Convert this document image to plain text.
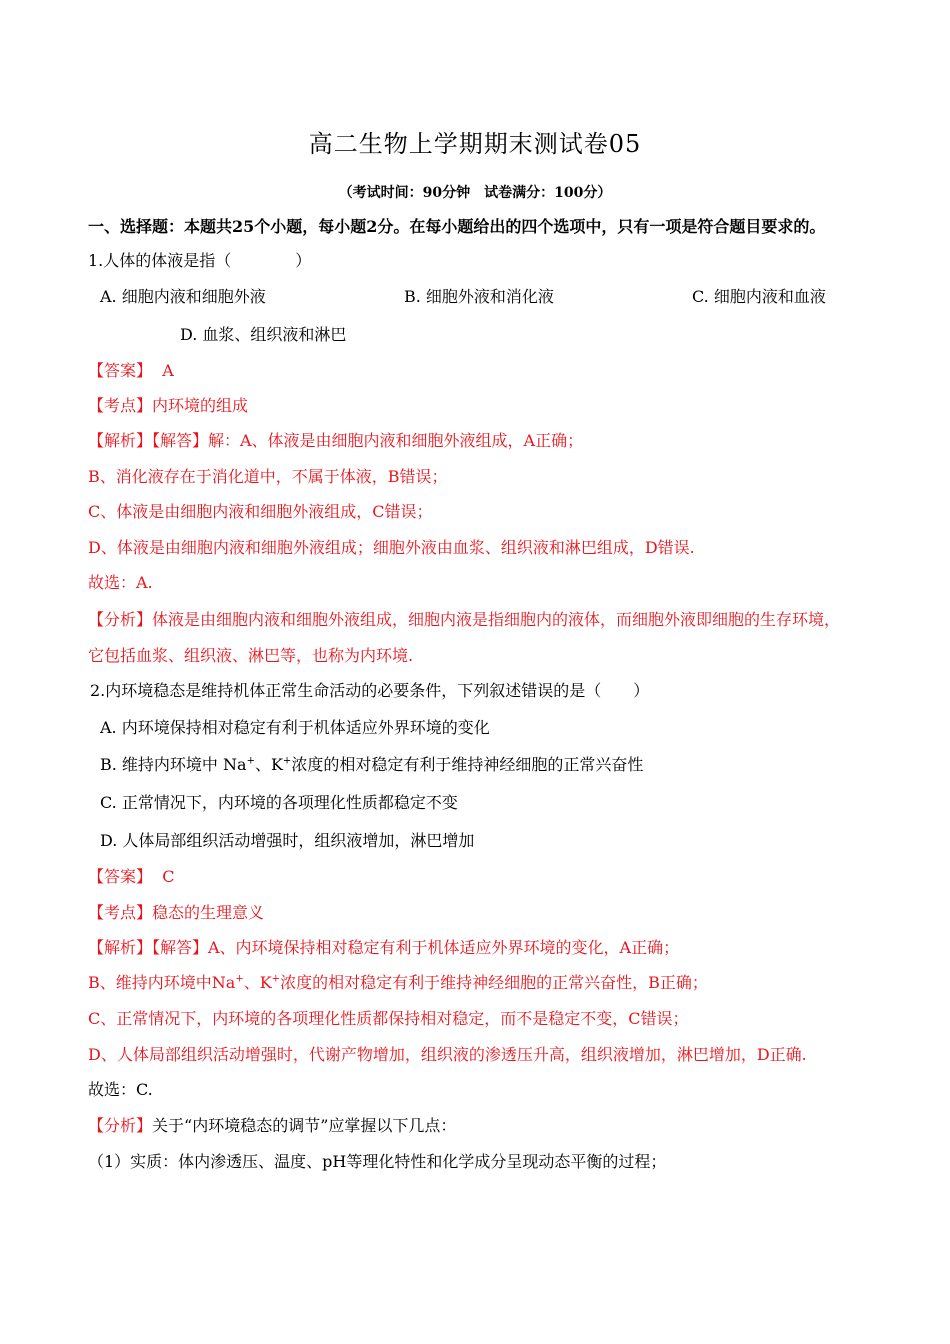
高二生物上学期期末测试卷05
（考试时间：90分钟　试卷满分：100分）
一、选择题：本题共25个小题，每小题2分。在每小题给出的四个选项中，只有一项是符合题目要求的。
1.人体的体液是指（　　　　）
A. 细胞内液和细胞外液	B. 细胞外液和消化液	C. 细胞内液和血液
D. 血浆、组织液和淋巴
【答案】 A
【考点】内环境的组成
【解析】【解答】解：A、体液是由细胞内液和细胞外液组成，A正确；
B、消化液存在于消化道中，不属于体液，B错误；
C、体液是由细胞内液和细胞外液组成，C错误；
D、体液是由细胞内液和细胞外液组成；细胞外液由血浆、组织液和淋巴组成，D错误.
故选：A.
【分析】体液是由细胞内液和细胞外液组成，细胞内液是指细胞内的液体，而细胞外液即细胞的生存环境，
它包括血浆、组织液、淋巴等，也称为内环境.
2.内环境稳态是维持机体正常生命活动的必要条件，下列叙述错误的是（　　）
A. 内环境保持相对稳定有利于机体适应外界环境的变化
B. 维持内环境中 Na+、K+浓度的相对稳定有利于维持神经细胞的正常兴奋性
C. 正常情况下，内环境的各项理化性质都稳定不变
D. 人体局部组织活动增强时，组织液增加，淋巴增加
【答案】 C
【考点】稳态的生理意义
【解析】【解答】A、内环境保持相对稳定有利于机体适应外界环境的变化，A正确；
B、维持内环境中Na+、K+浓度的相对稳定有利于维持神经细胞的正常兴奋性，B正确；
C、正常情况下，内环境的各项理化性质都保持相对稳定，而不是稳定不变，C错误；
D、人体局部组织活动增强时，代谢产物增加，组织液的渗透压升高，组织液增加，淋巴增加，D正确.
故选：C.
【分析】关于“内环境稳态的调节”应掌握以下几点：
（1）实质：体内渗透压、温度、pH等理化特性和化学成分呈现动态平衡的过程；
